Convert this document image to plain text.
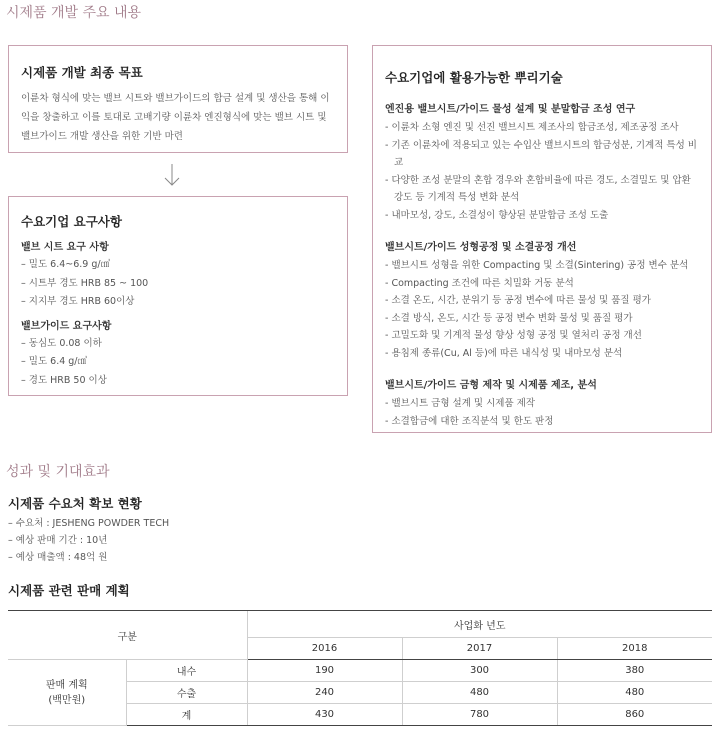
시제품 개발 주요 내용
시제품 개발 최종 목표

이륜차 형식에 맞는 밸브 시트와 밸브가이드의 합금 설계 및 생산을 통해 이익을 창출하고 이를 토대로 고배기량 이륜차 엔진형식에 맞는 밸브 시트 및 밸브가이드 개발 생산을 위한 기반 마련

수요기업 요구사항
밸브 시트 요구 사항
– 밀도 6.4~6.9 g/㎤
– 시트부 경도 HRB 85 ~ 100
– 지지부 경도 HRB 60이상
밸브가이드 요구사항
– 동심도 0.08 이하
– 밀도 6.4 g/㎤
– 경도 HRB 50 이상
수요기업에 활용가능한 뿌리기술
엔진용 밸브시트/가이드 물성 설계 및 분말합금 조성 연구
- 이륜차 소형 엔진 및 선진 밸브시트 제조사의 합금조성, 제조공정 조사
- 기존 이륜차에 적용되고 있는 수입산 밸브시트의 합금성분, 기계적 특성 비교
- 다양한 조성 분말의 혼합 경우와 혼합비율에 따른 경도, 소결밀도 및 압환강도 등 기계적 특성 변화 분석
- 내마모성, 강도, 소결성이 향상된 분말합금 조성 도출
밸브시트/가이드 성형공정 및 소결공정 개선
- 밸브시트 성형을 위한 Compacting 및 소결(Sintering) 공정 변수 분석
- Compacting 조건에 따른 치밀화 거동 분석
- 소결 온도, 시간, 분위기 등 공정 변수에 따른 물성 및 품질 평가
- 소결 방식, 온도, 시간 등 공정 변수 변화 물성 및 품질 평가
- 고밀도화 및 기계적 물성 향상 성형 공정 및 열처리 공정 개선
- 용침제 종류(Cu, Al 등)에 따른 내식성 및 내마모성 분석
밸브시트/가이드 금형 제작 및 시제품 제조, 분석
- 밸브시트 금형 설계 및 시제품 제작
- 소결합금에 대한 조직분석 및 한도 판정
성과 및 기대효과
시제품 수요처 확보 현황
– 수요처 : JESHENG POWDER TECH
– 예상 판매 기간 : 10년
– 예상 매출액 : 48억 원
시제품 관련 판매 계획
구분		사업화 년도		
		2016	2017	2018
판매 계획
(백만원)	내수	190	300	380
	수출	240	480	480
	계	430	780	860
